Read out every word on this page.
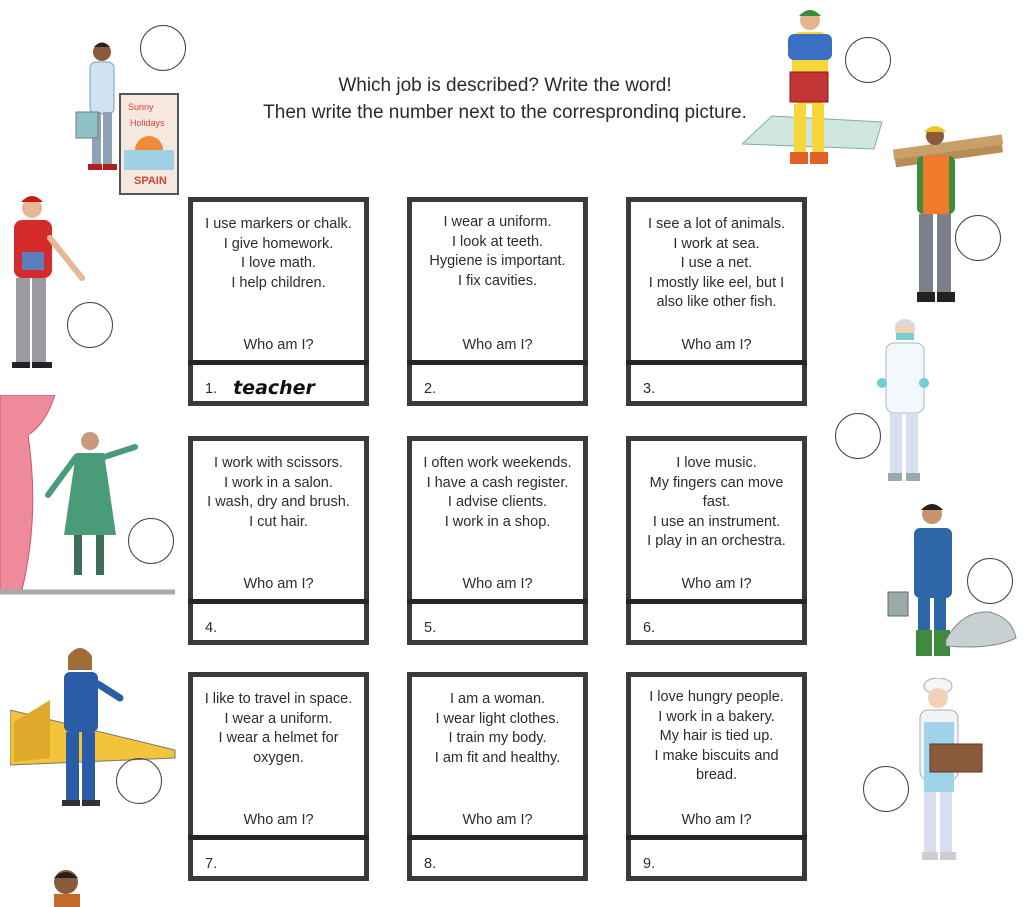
Which job is described? Write the word!
Then write the number next to the corresprondinq picture.
Sunny
Holidays
SPAIN
I use markers or chalk.
I give homework.
I love math.
I help children.
Who am I?
1. teacher
I wear a uniform.
I look at teeth.
Hygiene is important.
I fix cavities.
Who am I?
2.
I see a lot of animals.
I work at sea.
I use a net.
I mostly like eel, but I
also like other fish.
Who am I?
3.
I work with scissors.
I work in a salon.
I wash, dry and brush.
I cut hair.
Who am I?
4.
I often work weekends.
I have a cash register.
I advise clients.
I work in a shop.
Who am I?
5.
I love music.
My fingers can move
fast.
I use an instrument.
I play in an orchestra.
Who am I?
6.
I like to travel in space.
I wear a uniform.
I wear a helmet for
oxygen.
Who am I?
7.
I am a woman.
I wear light clothes.
I train my body.
I am fit and healthy.
Who am I?
8.
I love hungry people.
I work in a bakery.
My hair is tied up.
I make biscuits and
bread.
Who am I?
9.
